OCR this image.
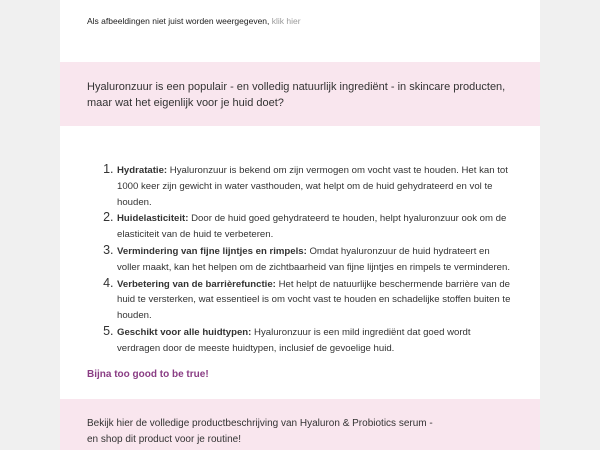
Als afbeeldingen niet juist worden weergegeven, klik hier
Hyaluronzuur is een populair - en volledig natuurlijk ingrediënt - in skincare producten, maar wat het eigenlijk voor je huid doet?
1. Hydratatie: Hyaluronzuur is bekend om zijn vermogen om vocht vast te houden. Het kan tot 1000 keer zijn gewicht in water vasthouden, wat helpt om de huid gehydrateerd en vol te houden.
2. Huidelasticiteit: Door de huid goed gehydrateerd te houden, helpt hyaluronzuur ook om de elasticiteit van de huid te verbeteren.
3. Vermindering van fijne lijntjes en rimpels: Omdat hyaluronzuur de huid hydrateert en voller maakt, kan het helpen om de zichtbaarheid van fijne lijntjes en rimpels te verminderen.
4. Verbetering van de barrièrefunctie: Het helpt de natuurlijke beschermende barrière van de huid te versterken, wat essentieel is om vocht vast te houden en schadelijke stoffen buiten te houden.
5. Geschikt voor alle huidtypen: Hyaluronzuur is een mild ingrediënt dat goed wordt verdragen door de meeste huidtypen, inclusief de gevoelige huid.
Bijna too good to be true!
Bekijk hier de volledige productbeschrijving van Hyaluron & Probiotics serum -
en shop dit product voor je routine!
